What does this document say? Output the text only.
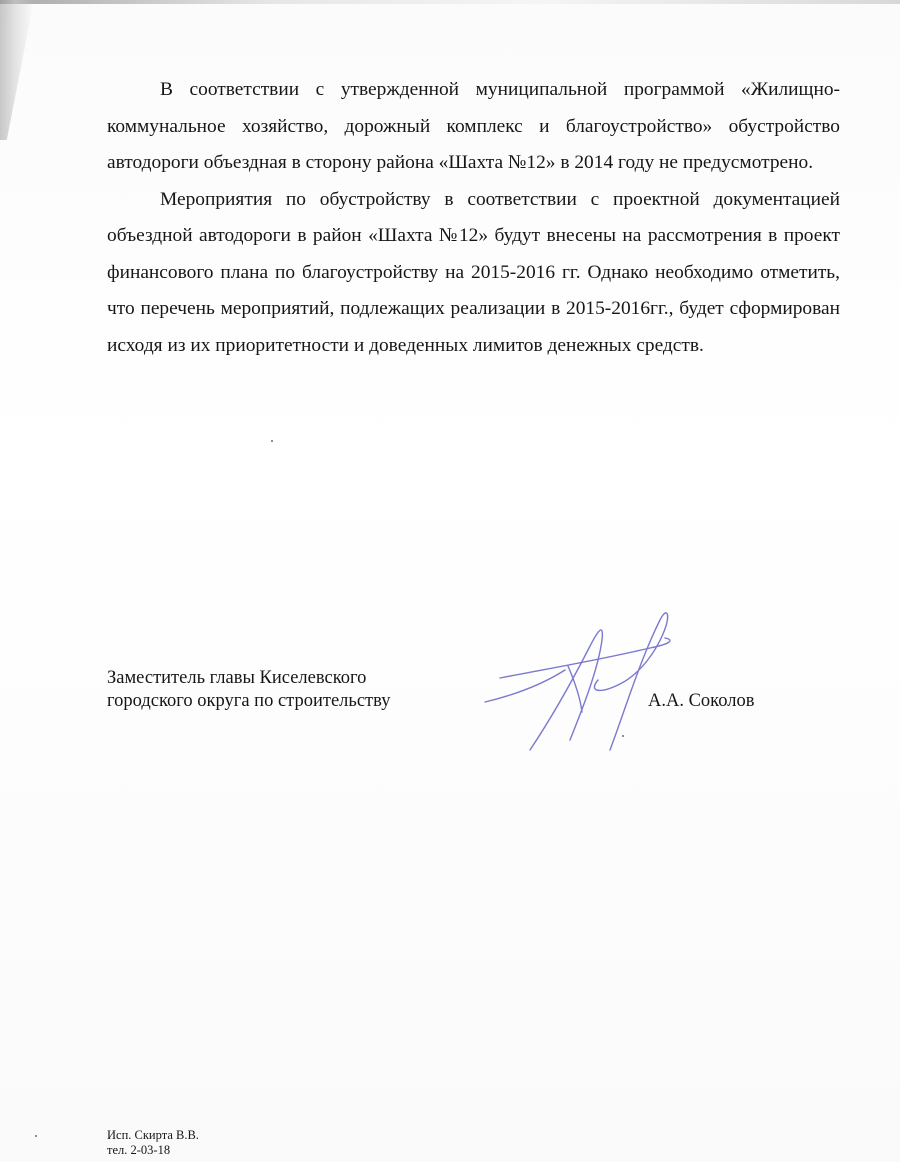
В соответствии с утвержденной муниципальной программой «Жилищно-коммунальное хозяйство, дорожный комплекс и благоустройство» обустройство автодороги объездная в сторону района «Шахта №12» в 2014 году не предусмотрено.

Мероприятия по обустройству в соответствии с проектной документацией объездной автодороги в район «Шахта №12» будут внесены на рассмотрения в проект финансового плана по благоустройству на 2015-2016 гг. Однако необходимо отметить, что перечень мероприятий, подлежащих реализации в 2015-2016гг., будет сформирован исходя из их приоритетности и доведенных лимитов денежных средств.

Заместитель главы Киселевского
городского округа по строительству	А.А. Соколов
Исп. Скирта В.В.
тел. 2-03-18
